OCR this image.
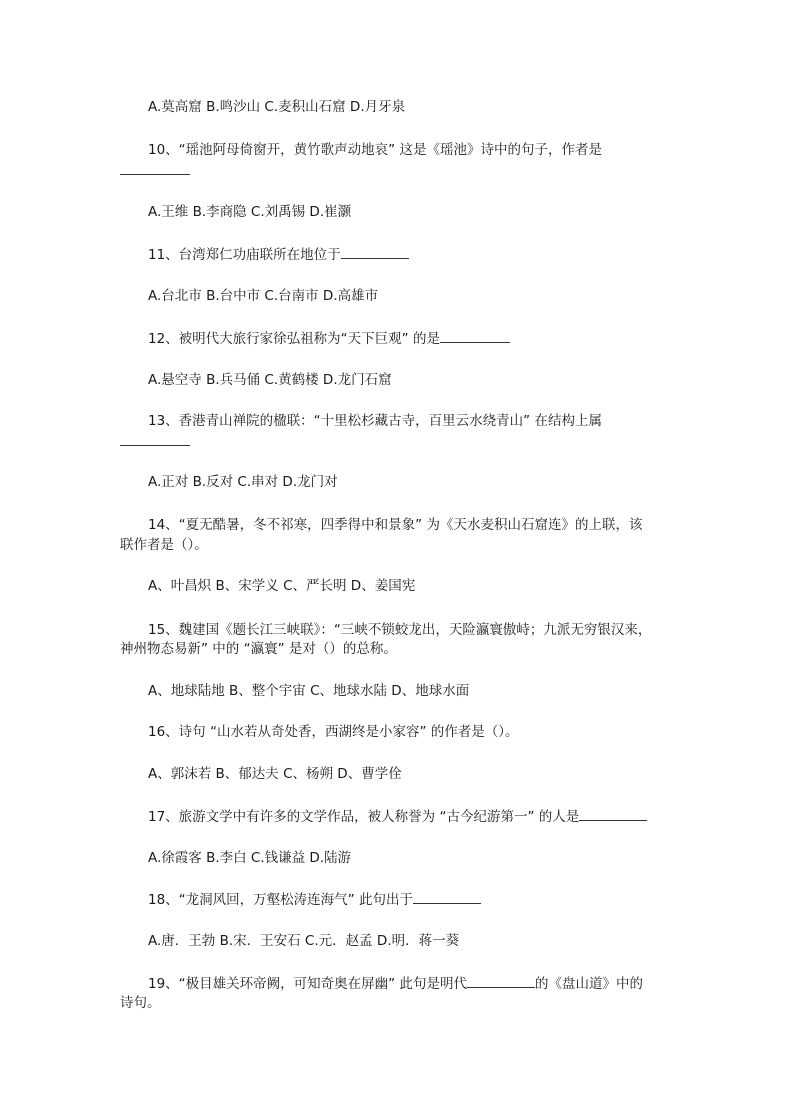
A.莫高窟 B.鸣沙山 C.麦积山石窟 D.月牙泉
10、“瑶池阿母倚窗开，黄竹歌声动地哀” 这是《瑶池》诗中的句子，作者是
A.王维 B.李商隐 C.刘禹锡 D.崔灏
11、台湾郑仁功庙联所在地位于
A.台北市 B.台中市 C.台南市 D.高雄市
12、被明代大旅行家徐弘祖称为“天下巨观” 的是
A.悬空寺 B.兵马俑 C.黄鹤楼 D.龙门石窟
13、香港青山禅院的楹联：“十里松杉藏古寺，百里云水绕青山” 在结构上属
A.正对 B.反对 C.串对 D.龙门对
14、“夏无酷暑，冬不祁寒，四季得中和景象” 为《天水麦积山石窟连》的上联，该
联作者是（）。
A、叶昌炽 B、宋学义 C、严长明 D、姜国宪
15、魏建国《题长江三峡联》：“三峡不锁蛟龙出，天险瀛寰傲峙；九派无穷银汉来，
神州物态易新” 中的 “瀛寰” 是对（）的总称。
A、地球陆地 B、整个宇宙 C、地球水陆 D、地球水面
16、诗句 “山水若从奇处香，西湖终是小家容” 的作者是（）。
A、郭沫若 B、郁达夫 C、杨朔 D、曹学佺
17、旅游文学中有许多的文学作品，被人称誉为 “古今纪游第一” 的人是
A.徐霞客 B.李白 C.钱谦益 D.陆游
18、“龙洞风回，万壑松涛连海气” 此句出于
A.唐．王勃 B.宋．王安石 C.元．赵孟 D.明．蒋一葵
19、“极目雄关环帝阙，可知奇奥在屏幽” 此句是明代	的《盘山道》中的
诗句。
